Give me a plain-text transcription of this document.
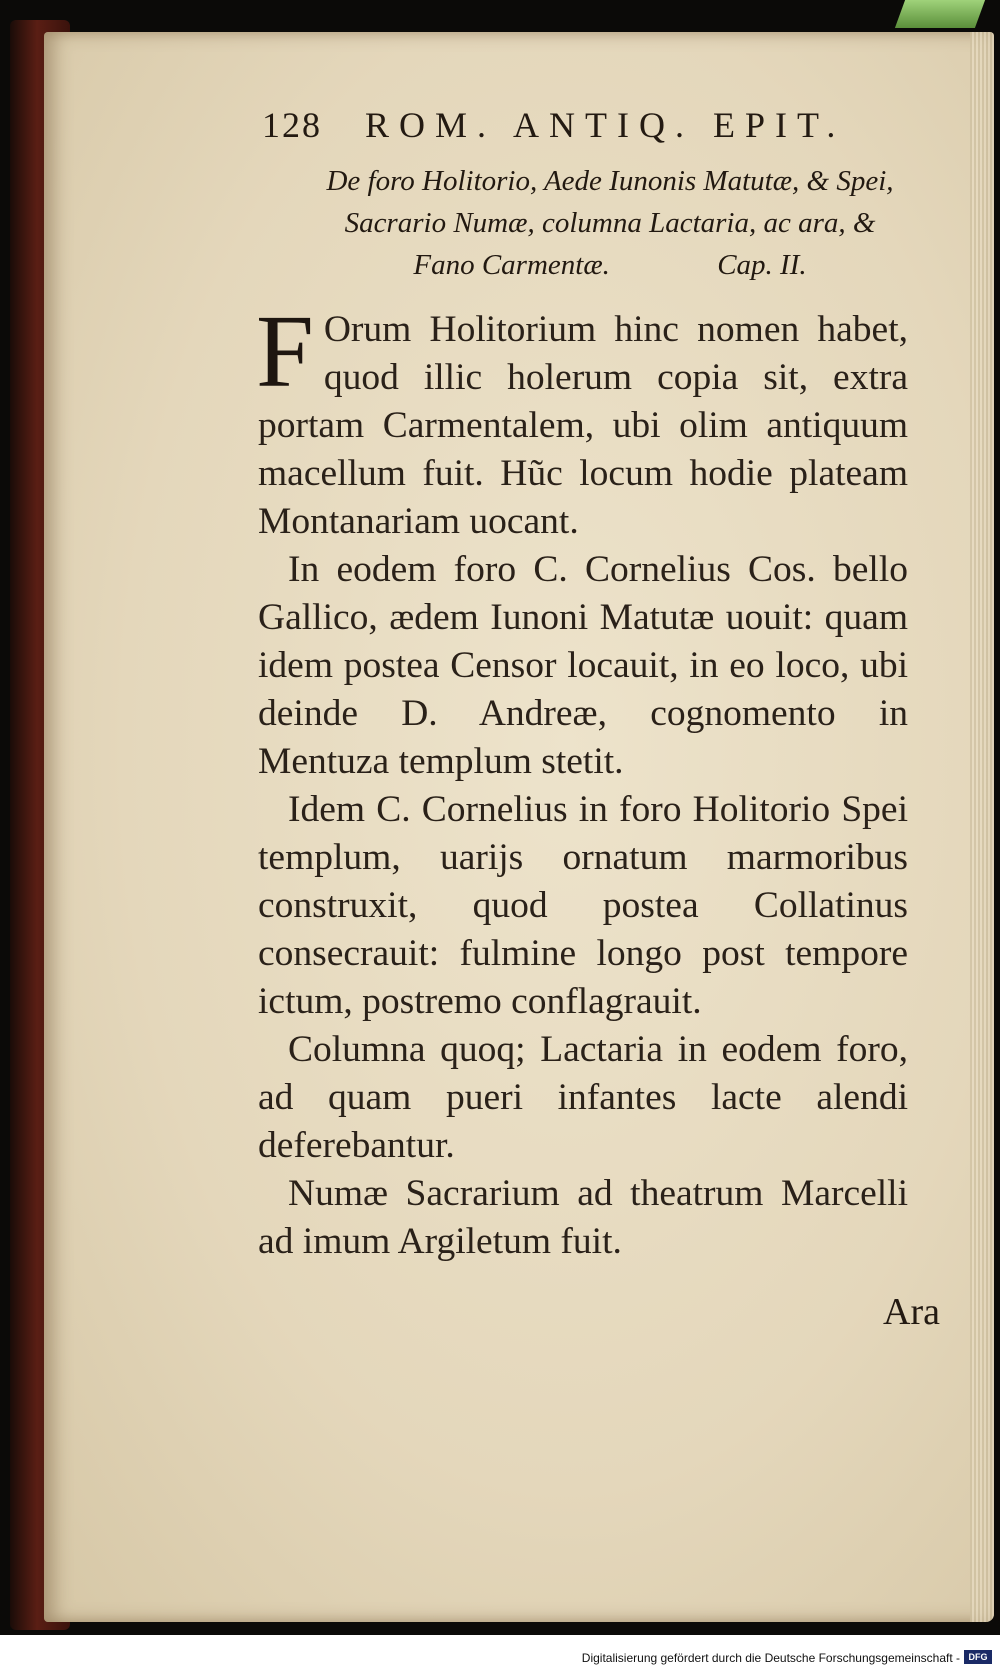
128 ROM. ANTIQ. EPIT.
De foro Holitorio, Aede Iunonis Matutæ, & Spei,
Sacrario Numæ, columna Lactaria, ac ara, &
Fano Carmentæ.	Cap. II.

F Orum Holitorium hinc nomen habet, quod illic holerum copia sit, extra portam Carmentalem, ubi olim antiquum macellum fuit. Hũc locum hodie plateam Montanariam uocant.

In eodem foro C. Cornelius Cos. bello Gallico, ædem Iunoni Matutæ uouit: quam idem postea Censor locauit, in eo loco, ubi deinde D. Andreæ, cognomento in Mentuza templum stetit.

Idem C. Cornelius in foro Holitorio Spei templum, uarijs ornatum marmoribus construxit, quod postea Collatinus consecrauit: fulmine longo post tempore ictum, postremo conflagrauit.

Columna quoq; Lactaria in eodem foro, ad quam pueri infantes lacte alendi deferebantur.

Numæ Sacrarium ad theatrum Marcelli ad imum Argiletum fuit.

Ara
Digitalisierung gefördert durch die Deutsche Forschungsgemeinschaft - DFG
